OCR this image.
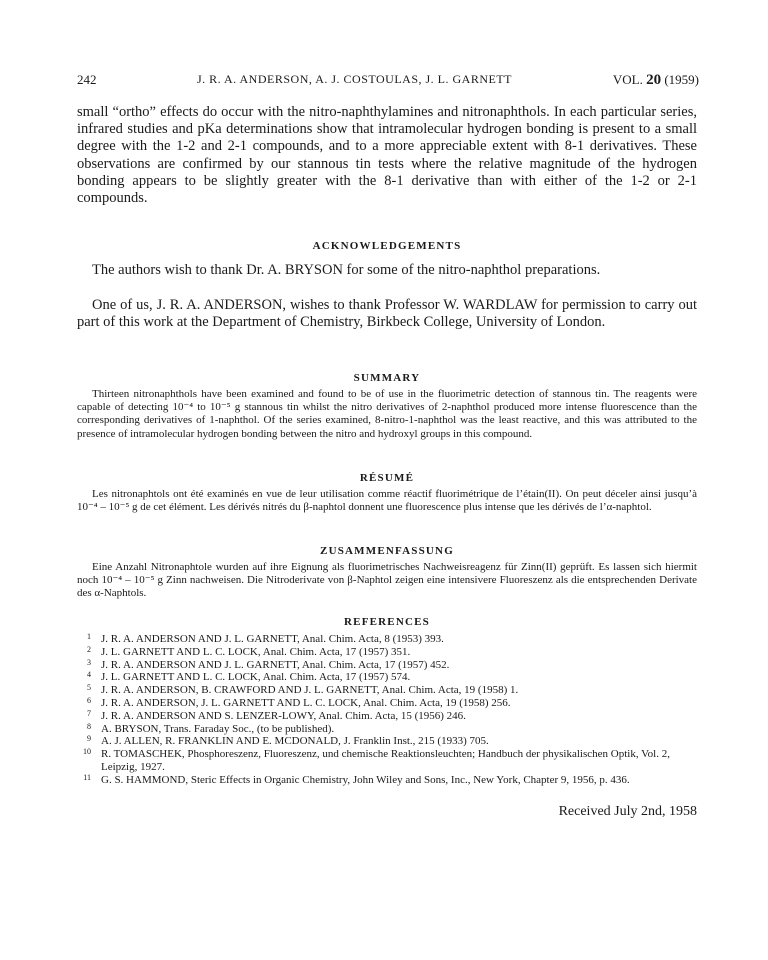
242	J. R. A. ANDERSON, A. J. COSTOULAS, J. L. GARNETT	VOL. 20 (1959)

small “ortho” effects do occur with the nitro-naphthylamines and nitronaphthols. In each particular series, infrared studies and pKa determinations show that intramolecular hydrogen bonding is present to a small degree with the 1-2 and 2-1 compounds, and to a more appreciable extent with 8-1 derivatives. These observations are confirmed by our stannous tin tests where the relative magnitude of the hydrogen bonding appears to be slightly greater with the 8-1 derivative than with either of the 1-2 or 2-1 compounds.

ACKNOWLEDGEMENTS

The authors wish to thank Dr. A. BRYSON for some of the nitro-naphthol preparations.

One of us, J. R. A. ANDERSON, wishes to thank Professor W. WARDLAW for permission to carry out part of this work at the Department of Chemistry, Birkbeck College, University of London.

SUMMARY

Thirteen nitronaphthols have been examined and found to be of use in the fluorimetric detection of stannous tin. The reagents were capable of detecting 10⁻⁴ to 10⁻⁵ g stannous tin whilst the nitro derivatives of 2-naphthol produced more intense fluorescence than the corresponding derivatives of 1-naphthol. Of the series examined, 8-nitro-1-naphthol was the least reactive, and this was attributed to the presence of intramolecular hydrogen bonding between the nitro and hydroxyl groups in this compound.

RÉSUMÉ

Les nitronaphtols ont été examinés en vue de leur utilisation comme réactif fluorimétrique de l’étain(II). On peut déceler ainsi jusqu’à 10⁻⁴ – 10⁻⁵ g de cet élément. Les dérivés nitrés du β-naphtol donnent une fluorescence plus intense que les dérivés de l’α-naphtol.

ZUSAMMENFASSUNG

Eine Anzahl Nitronaphtole wurden auf ihre Eignung als fluorimetrisches Nachweisreagenz für Zinn(II) geprüft. Es lassen sich hiermit noch 10⁻⁴ – 10⁻⁵ g Zinn nachweisen. Die Nitroderivate von β-Naphtol zeigen eine intensivere Fluoreszenz als die entsprechenden Derivate des α-Naphtols.

REFERENCES
1 J. R. A. ANDERSON AND J. L. GARNETT, Anal. Chim. Acta, 8 (1953) 393.
2 J. L. GARNETT AND L. C. LOCK, Anal. Chim. Acta, 17 (1957) 351.
3 J. R. A. ANDERSON AND J. L. GARNETT, Anal. Chim. Acta, 17 (1957) 452.
4 J. L. GARNETT AND L. C. LOCK, Anal. Chim. Acta, 17 (1957) 574.
5 J. R. A. ANDERSON, B. CRAWFORD AND J. L. GARNETT, Anal. Chim. Acta, 19 (1958) 1.
6 J. R. A. ANDERSON, J. L. GARNETT AND L. C. LOCK, Anal. Chim. Acta, 19 (1958) 256.
7 J. R. A. ANDERSON AND S. LENZER-LOWY, Anal. Chim. Acta, 15 (1956) 246.
8 A. BRYSON, Trans. Faraday Soc., (to be published).
9 A. J. ALLEN, R. FRANKLIN AND E. MCDONALD, J. Franklin Inst., 215 (1933) 705.
10 R. TOMASCHEK, Phosphoreszenz, Fluoreszenz, und chemische Reaktionsleuchten; Handbuch der physikalischen Optik, Vol. 2, Leipzig, 1927.
11 G. S. HAMMOND, Steric Effects in Organic Chemistry, John Wiley and Sons, Inc., New York, Chapter 9, 1956, p. 436.
Received July 2nd, 1958
